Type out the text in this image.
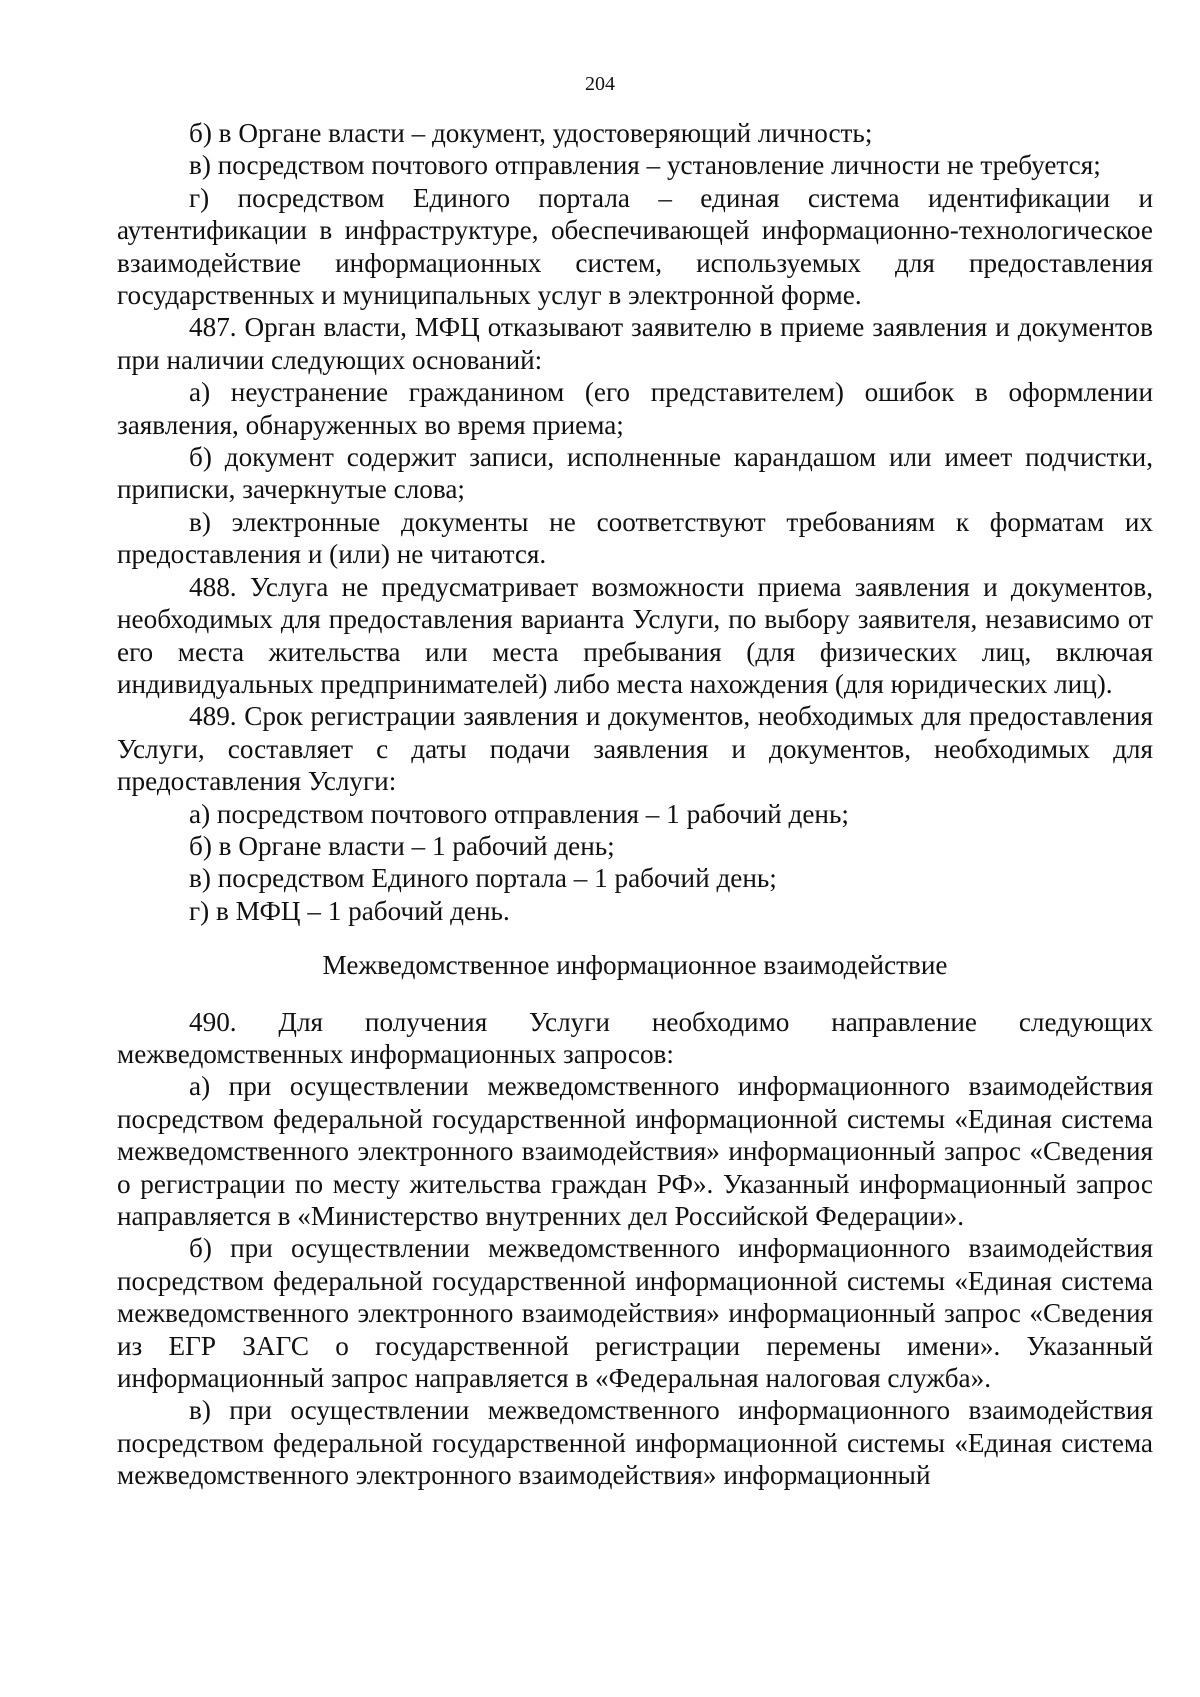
204

б) в Органе власти – документ, удостоверяющий личность;

в) посредством почтового отправления – установление личности не требуется;

г) посредством Единого портала – единая система идентификации и аутентификации в инфраструктуре, обеспечивающей информационно-технологическое взаимодействие информационных систем, используемых для предоставления государственных и муниципальных услуг в электронной форме.

487. Орган власти, МФЦ отказывают заявителю в приеме заявления и документов при наличии следующих оснований:

а) неустранение гражданином (его представителем) ошибок в оформлении заявления, обнаруженных во время приема;

б) документ содержит записи, исполненные карандашом или имеет подчистки, приписки, зачеркнутые слова;

в) электронные документы не соответствуют требованиям к форматам их предоставления и (или) не читаются.

488. Услуга не предусматривает возможности приема заявления и документов, необходимых для предоставления варианта Услуги, по выбору заявителя, независимо от его места жительства или места пребывания (для физических лиц, включая индивидуальных предпринимателей) либо места нахождения (для юридических лиц).

489. Срок регистрации заявления и документов, необходимых для предоставления Услуги, составляет с даты подачи заявления и документов, необходимых для предоставления Услуги:

а) посредством почтового отправления – 1 рабочий день;

б) в Органе власти – 1 рабочий день;

в) посредством Единого портала – 1 рабочий день;

г) в МФЦ – 1 рабочий день.

Межведомственное информационное взаимодействие

490. Для получения Услуги необходимо направление следующих межведомственных информационных запросов:

а) при осуществлении межведомственного информационного взаимодействия посредством федеральной государственной информационной системы «Единая система межведомственного электронного взаимодействия» информационный запрос «Сведения о регистрации по месту жительства граждан РФ». Указанный информационный запрос направляется в «Министерство внутренних дел Российской Федерации».

б) при осуществлении межведомственного информационного взаимодействия посредством федеральной государственной информационной системы «Единая система межведомственного электронного взаимодействия» информационный запрос «Сведения из ЕГР ЗАГС о государственной регистрации перемены имени». Указанный информационный запрос направляется в «Федеральная налоговая служба».

в) при осуществлении межведомственного информационного взаимодействия посредством федеральной государственной информационной системы «Единая система межведомственного электронного взаимодействия» информационный
